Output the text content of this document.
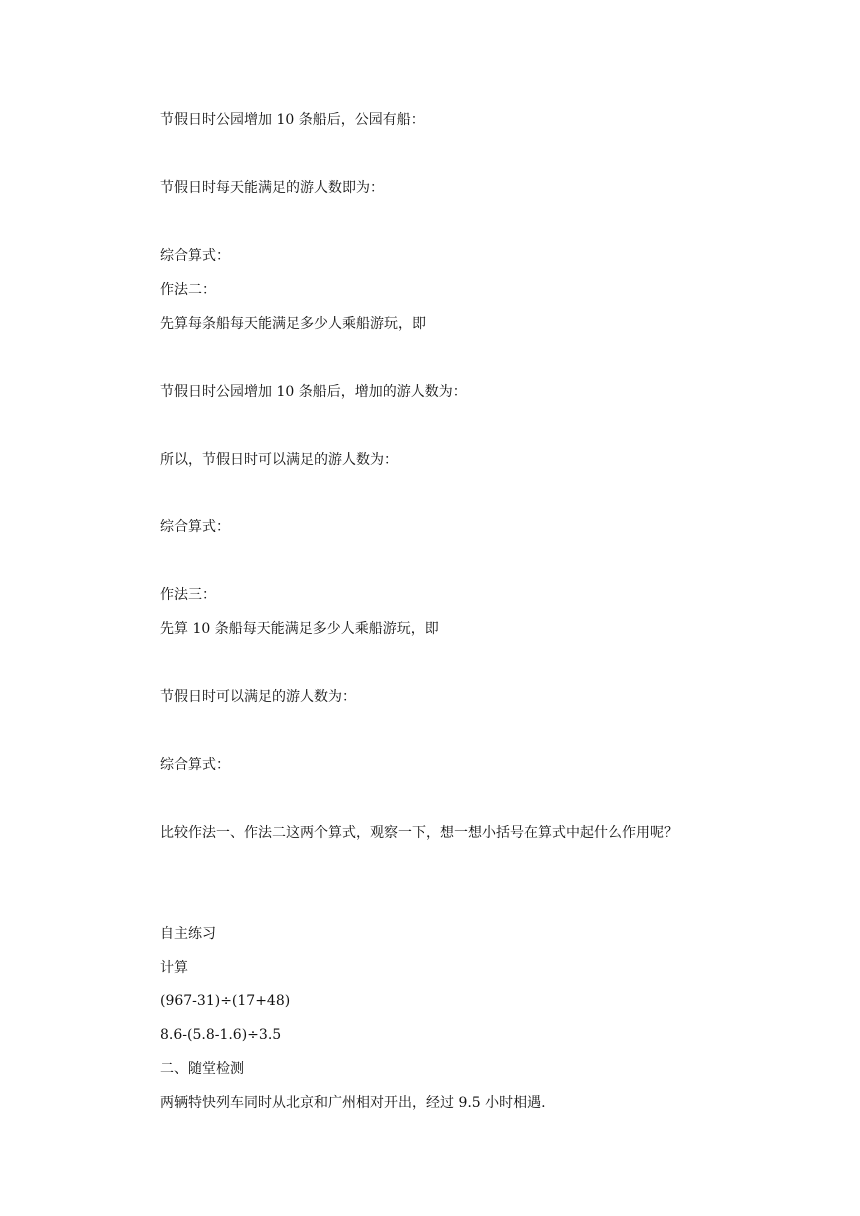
节假日时公园增加 10 条船后，公园有船：
节假日时每天能满足的游人数即为：
综合算式：
作法二：
先算每条船每天能满足多少人乘船游玩，即
节假日时公园增加 10 条船后，增加的游人数为：
所以，节假日时可以满足的游人数为：
综合算式：
作法三：
先算 10 条船每天能满足多少人乘船游玩，即
节假日时可以满足的游人数为：
综合算式：
比较作法一、作法二这两个算式，观察一下，想一想小括号在算式中起什么作用呢？
自主练习
计算
(967-31)÷(17+48)
8.6-(5.8-1.6)÷3.5
二、随堂检测
两辆特快列车同时从北京和广州相对开出，经过 9.5 小时相遇.
